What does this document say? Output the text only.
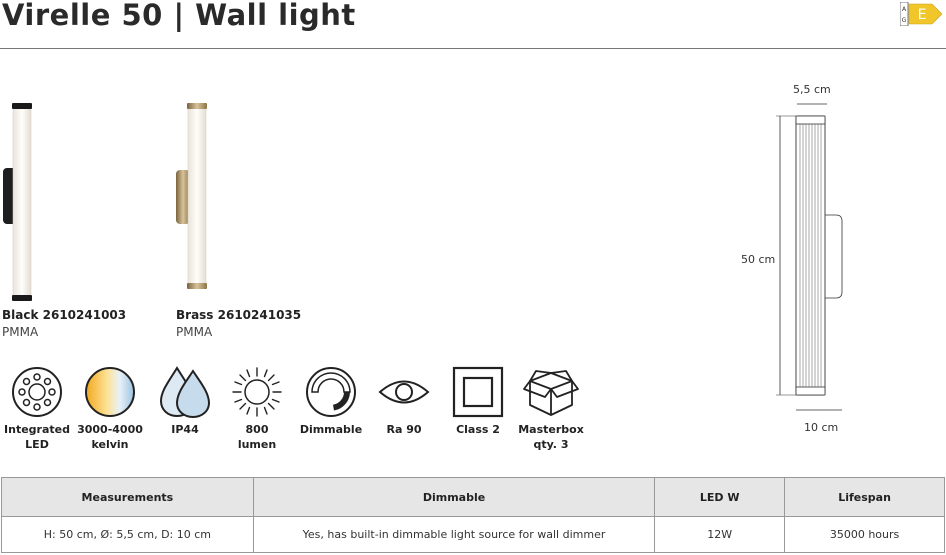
Virelle 50 | Wall light	A
G E
Black 2610241003
PMMA
Brass 2610241035
PMMA
5,5 cm
50 cm
10 cm
Integrated
LED
3000-4000
kelvin
IP44	800
lumen
Dimmable	Ra 90	Class 2	Masterbox
qty. 3
Measurements	Dimmable	LED W	Lifespan
H: 50 cm, Ø: 5,5 cm, D: 10 cm	Yes, has built-in dimmable light source for wall dimmer	12W	35000 hours
